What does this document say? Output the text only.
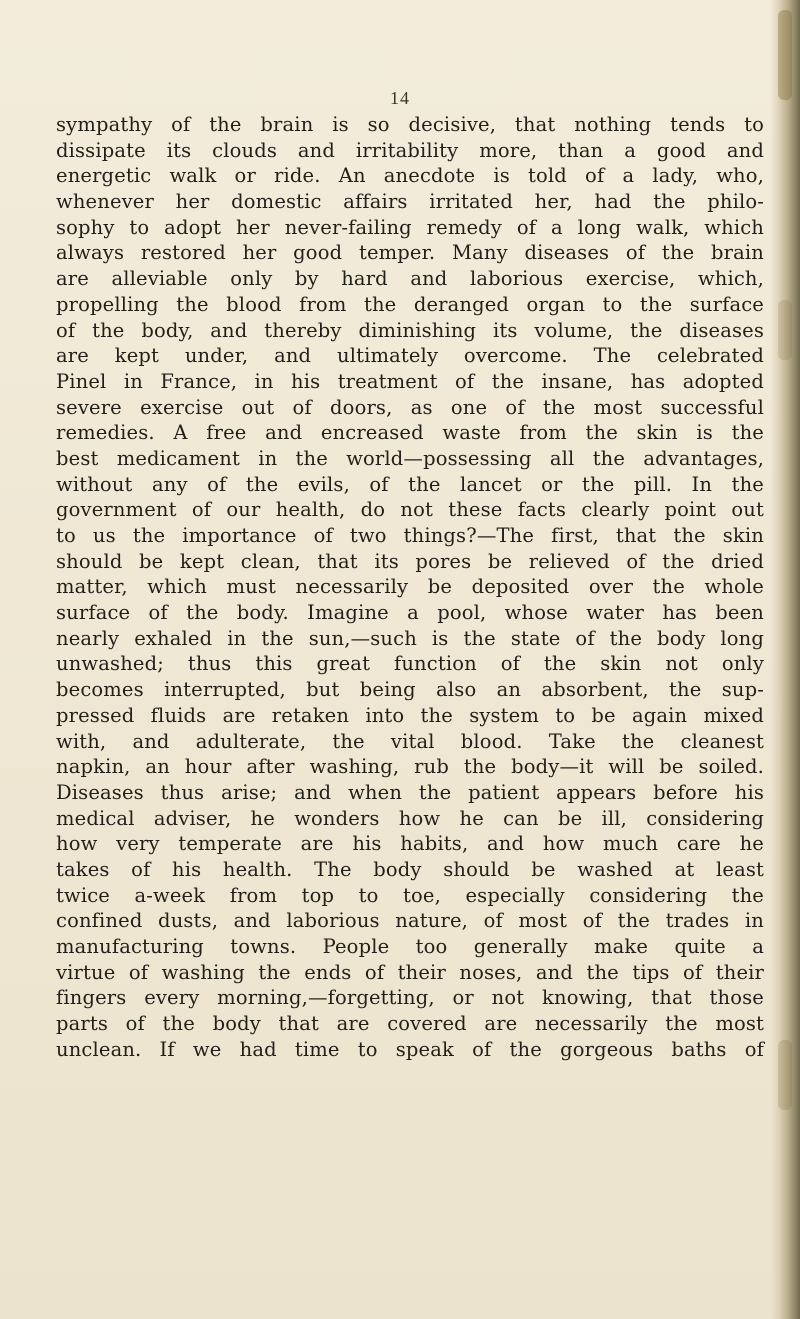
14
sympathy of the brain is so decisive, that nothing tends to
dissipate its clouds and irritability more, than a good and
energetic walk or ride. An anecdote is told of a lady, who,
whenever her domestic affairs irritated her, had the philo-
sophy to adopt her never-failing remedy of a long walk, which
always restored her good temper. Many diseases of the brain
are alleviable only by hard and laborious exercise, which,
propelling the blood from the deranged organ to the surface
of the body, and thereby diminishing its volume, the diseases
are kept under, and ultimately overcome. The celebrated
Pinel in France, in his treatment of the insane, has adopted
severe exercise out of doors, as one of the most successful
remedies. A free and encreased waste from the skin is the
best medicament in the world—possessing all the advantages,
without any of the evils, of the lancet or the pill. In the
government of our health, do not these facts clearly point out
to us the importance of two things?—The first, that the skin
should be kept clean, that its pores be relieved of the dried
matter, which must necessarily be deposited over the whole
surface of the body. Imagine a pool, whose water has been
nearly exhaled in the sun,—such is the state of the body long
unwashed; thus this great function of the skin not only
becomes interrupted, but being also an absorbent, the sup-
pressed fluids are retaken into the system to be again mixed
with, and adulterate, the vital blood. Take the cleanest
napkin, an hour after washing, rub the body—it will be soiled.
Diseases thus arise; and when the patient appears before his
medical adviser, he wonders how he can be ill, considering
how very temperate are his habits, and how much care he
takes of his health. The body should be washed at least
twice a-week from top to toe, especially considering the
confined dusts, and laborious nature, of most of the trades in
manufacturing towns. People too generally make quite a
virtue of washing the ends of their noses, and the tips of their
fingers every morning,—forgetting, or not knowing, that those
parts of the body that are covered are necessarily the most
unclean. If we had time to speak of the gorgeous baths of
